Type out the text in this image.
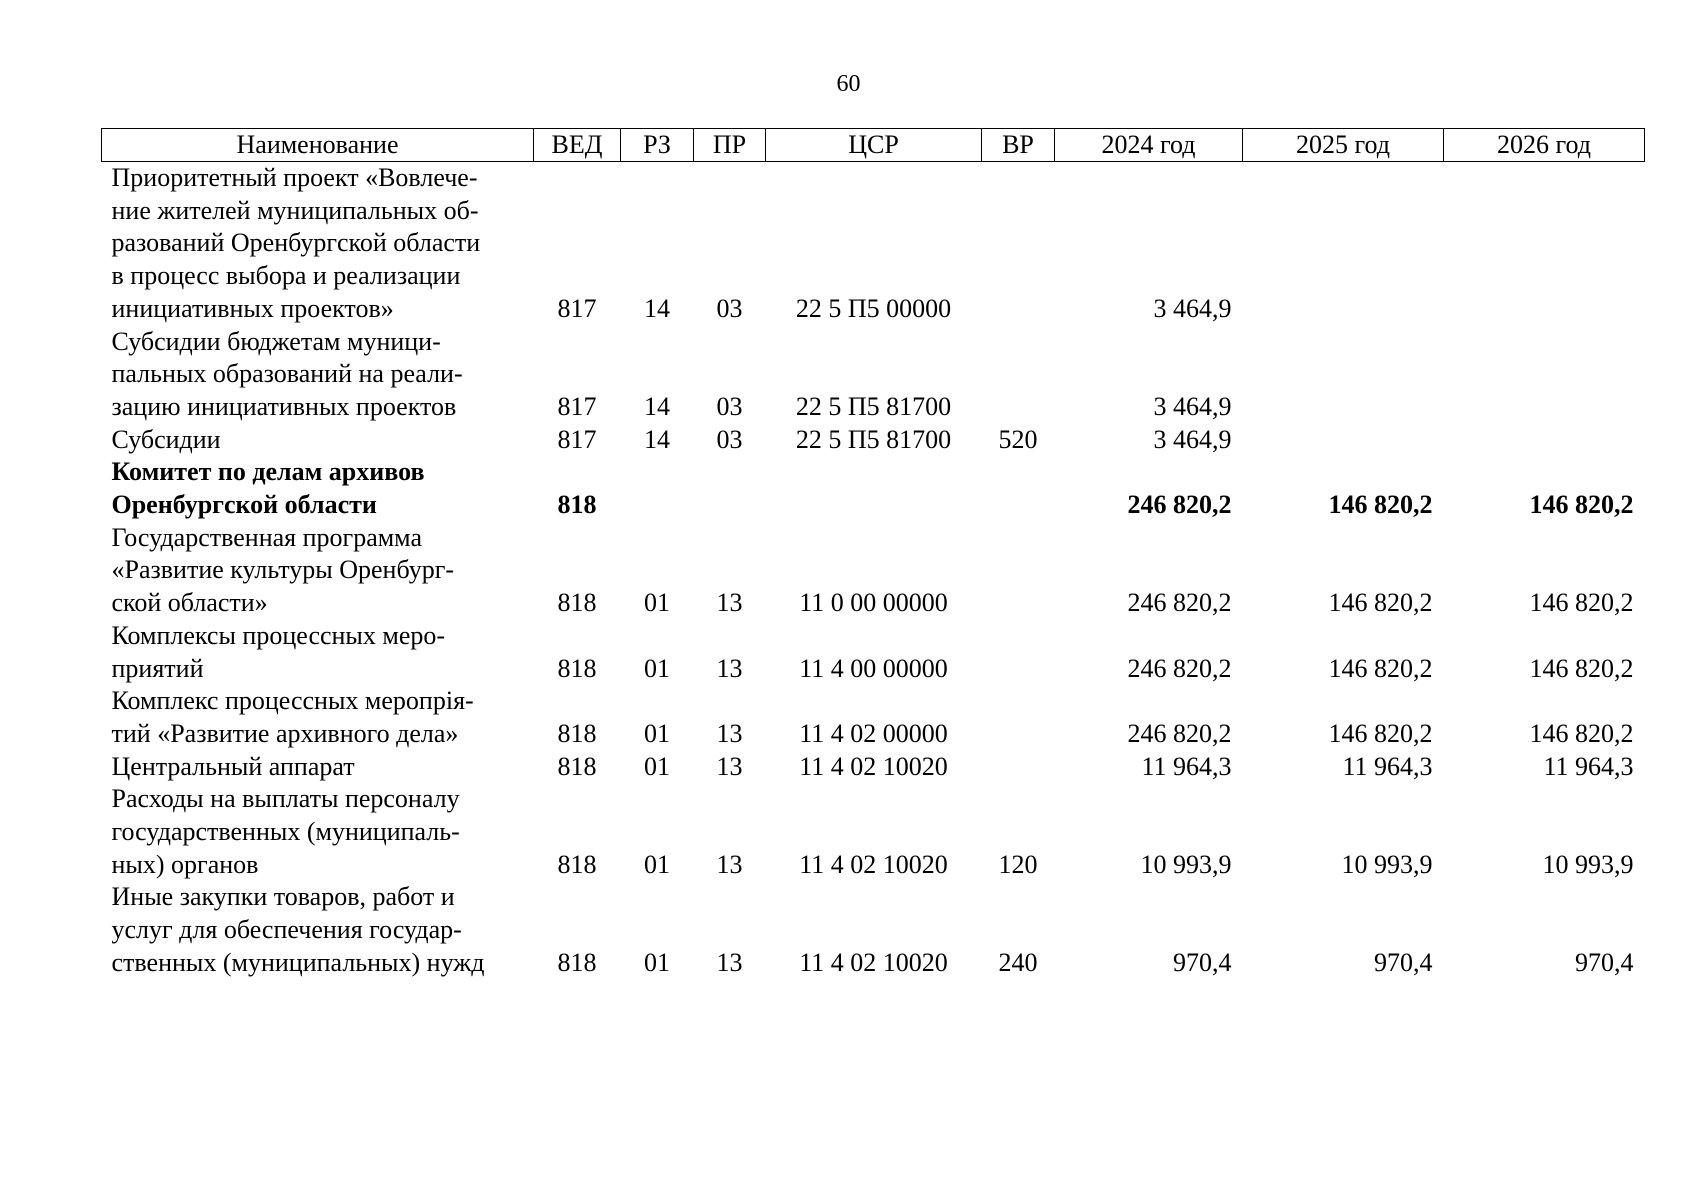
60
Наименование	ВЕД	РЗ	ПР	ЦСР	ВР	2024 год	2025 год	2026 год

Приоритетный проект «Вовлече-
ние жителей муниципальных об-
разований Оренбургской области
в процесс выбора и реализации
инициативных проектов»	817	14	03	22 5 П5 00000		3 464,9		

Субсидии бюджетам муници-
пальных образований на реали-
зацию инициативных проектов	817	14	03	22 5 П5 81700		3 464,9		

Субсидии	817	14	03	22 5 П5 81700	520	3 464,9		

Комитет по делам архивов
Оренбургской области	818					246 820,2	146 820,2	146 820,2

Государственная программа
«Развитие культуры Оренбург-
ской области»	818	01	13	11 0 00 00000		246 820,2	146 820,2	146 820,2

Комплексы процессных меро-
приятий	818	01	13	11 4 00 00000		246 820,2	146 820,2	146 820,2

Комплекс процессных меропрія-
тий «Развитие архивного дела»	818	01	13	11 4 02 00000		246 820,2	146 820,2	146 820,2

Центральный аппарат	818	01	13	11 4 02 10020		11 964,3	11 964,3	11 964,3

Расходы на выплаты персоналу
государственных (муниципаль-
ных) органов	818	01	13	11 4 02 10020	120	10 993,9	10 993,9	10 993,9

Иные закупки товаров, работ и
услуг для обеспечения государ-
ственных (муниципальных) нужд	818	01	13	11 4 02 10020	240	970,4	970,4	970,4
